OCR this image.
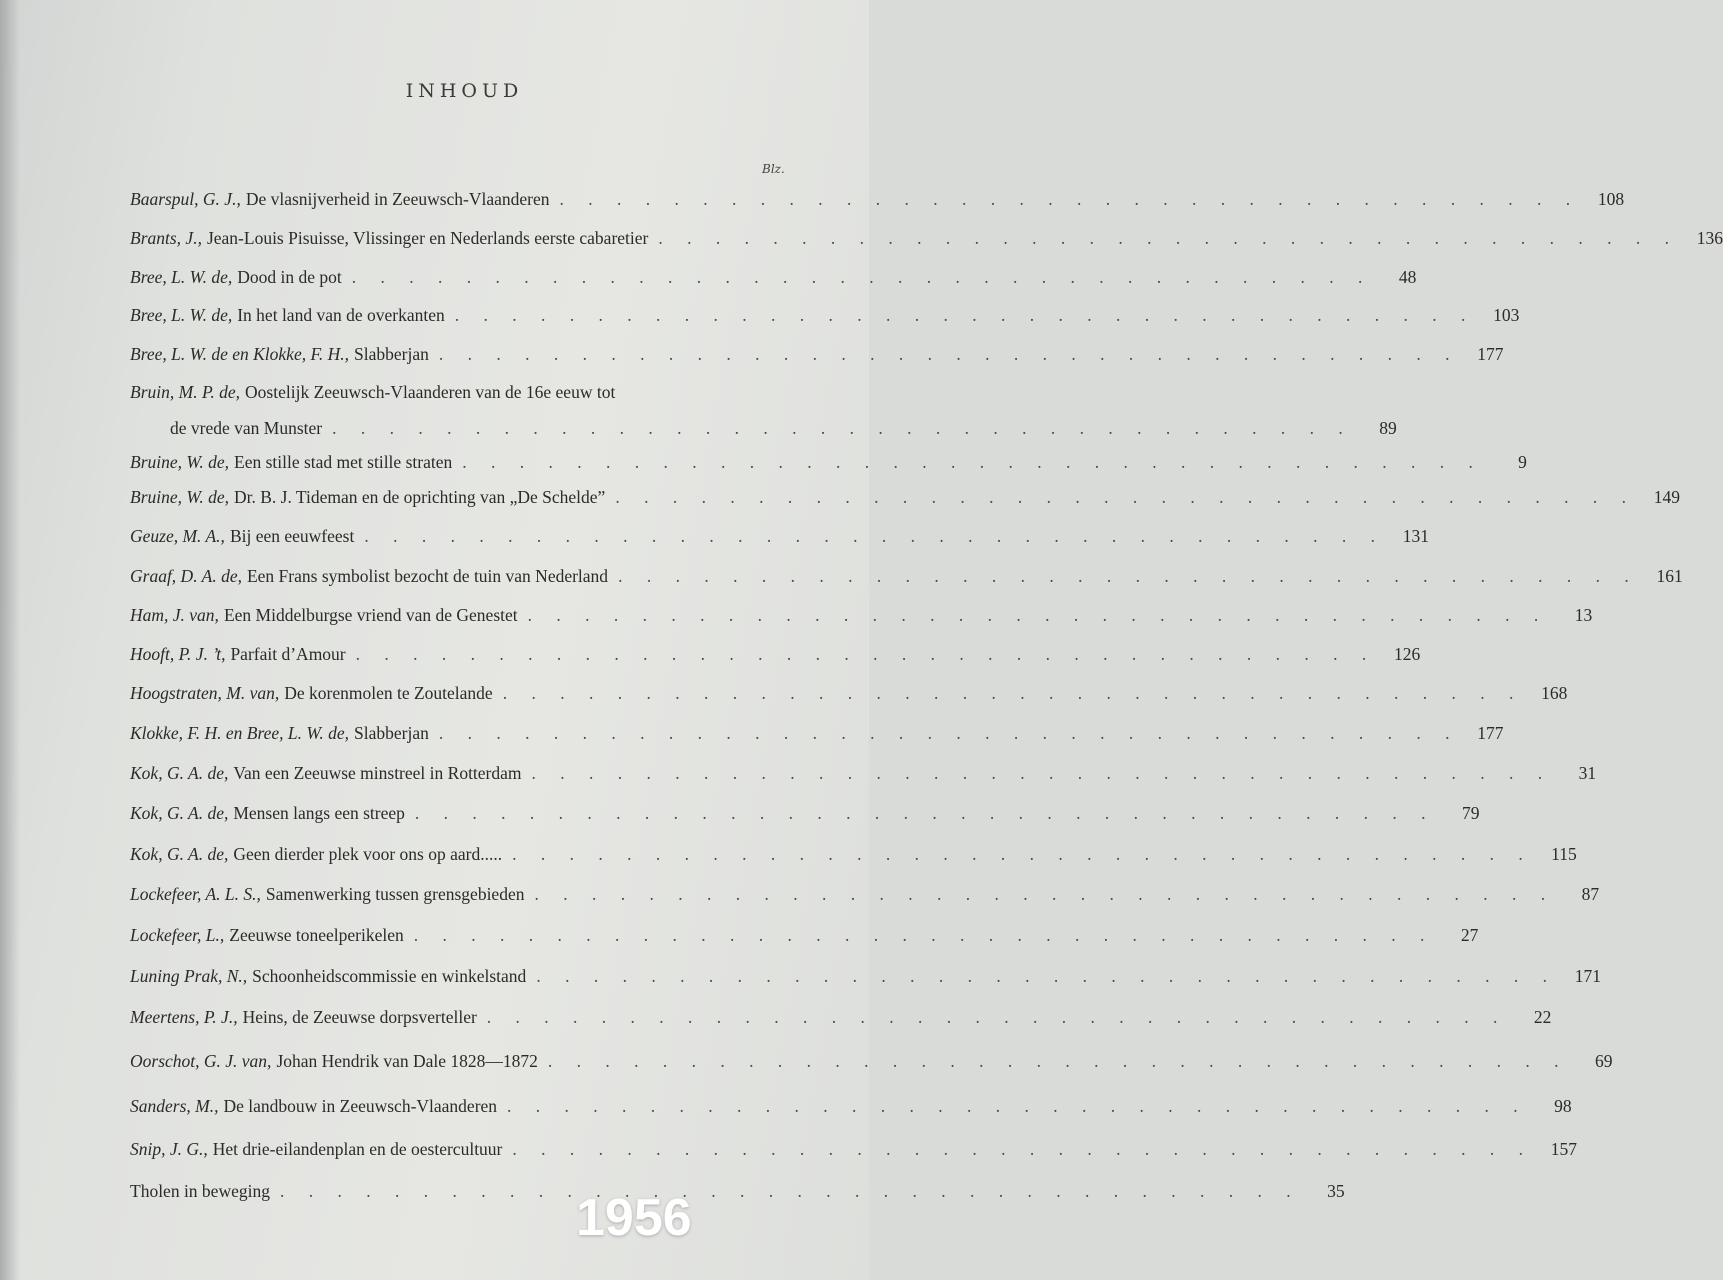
INHOUD
Blz.
Baarspul, G. J., De vlasnijverheid in Zeeuwsch-Vlaanderen . . . . . . . . . . . . . . . . . . . . . . . . . . . . . . . . . . . .	108
Brants, J., Jean-Louis Pisuisse, Vlissinger en Nederlands eerste cabaretier . . . . . . . . . . . . . . . . . . . . . . . . . . . . . . . . . . . .	136
Bree, L. W. de, Dood in de pot . . . . . . . . . . . . . . . . . . . . . . . . . . . . . . . . . . . .	48
Bree, L. W. de, In het land van de overkanten . . . . . . . . . . . . . . . . . . . . . . . . . . . . . . . . . . . .	103
Bree, L. W. de en Klokke, F. H., Slabberjan . . . . . . . . . . . . . . . . . . . . . . . . . . . . . . . . . . . .	177
Bruin, M. P. de, Oostelijk Zeeuwsch-Vlaanderen van de 16e eeuw tot
de vrede van Munster . . . . . . . . . . . . . . . . . . . . . . . . . . . . . . . . . . . .	89
Bruine, W. de, Een stille stad met stille straten . . . . . . . . . . . . . . . . . . . . . . . . . . . . . . . . . . . .	9
Bruine, W. de, Dr. B. J. Tideman en de oprichting van „De Schelde” . . . . . . . . . . . . . . . . . . . . . . . . . . . . . . . . . . . .	149
Geuze, M. A., Bij een eeuwfeest . . . . . . . . . . . . . . . . . . . . . . . . . . . . . . . . . . . .	131
Graaf, D. A. de, Een Frans symbolist bezocht de tuin van Nederland . . . . . . . . . . . . . . . . . . . . . . . . . . . . . . . . . . . .	161
Ham, J. van, Een Middelburgse vriend van de Genestet . . . . . . . . . . . . . . . . . . . . . . . . . . . . . . . . . . . .	13
Hooft, P. J. ’t, Parfait d’Amour . . . . . . . . . . . . . . . . . . . . . . . . . . . . . . . . . . . .	126
Hoogstraten, M. van, De korenmolen te Zoutelande . . . . . . . . . . . . . . . . . . . . . . . . . . . . . . . . . . . .	168
Klokke, F. H. en Bree, L. W. de, Slabberjan . . . . . . . . . . . . . . . . . . . . . . . . . . . . . . . . . . . .	177
Kok, G. A. de, Van een Zeeuwse minstreel in Rotterdam . . . . . . . . . . . . . . . . . . . . . . . . . . . . . . . . . . . .	31
Kok, G. A. de, Mensen langs een streep . . . . . . . . . . . . . . . . . . . . . . . . . . . . . . . . . . . .	79
Kok, G. A. de, Geen dierder plek voor ons op aard..... . . . . . . . . . . . . . . . . . . . . . . . . . . . . . . . . . . . .	115
Lockefeer, A. L. S., Samenwerking tussen grensgebieden . . . . . . . . . . . . . . . . . . . . . . . . . . . . . . . . . . . .	87
Lockefeer, L., Zeeuwse toneelperikelen . . . . . . . . . . . . . . . . . . . . . . . . . . . . . . . . . . . .	27
Luning Prak, N., Schoonheidscommissie en winkelstand . . . . . . . . . . . . . . . . . . . . . . . . . . . . . . . . . . . .	171
Meertens, P. J., Heins, de Zeeuwse dorpsverteller . . . . . . . . . . . . . . . . . . . . . . . . . . . . . . . . . . . .	22
Oorschot, G. J. van, Johan Hendrik van Dale 1828—1872 . . . . . . . . . . . . . . . . . . . . . . . . . . . . . . . . . . . .	69
Sanders, M., De landbouw in Zeeuwsch-Vlaanderen . . . . . . . . . . . . . . . . . . . . . . . . . . . . . . . . . . . .	98
Snip, J. G., Het drie-eilandenplan en de oestercultuur . . . . . . . . . . . . . . . . . . . . . . . . . . . . . . . . . . . .	157
Tholen in beweging . . . . . . . . . . . . . . . . . . . . . . . . . . . . . . . . . . . .	35
1956
